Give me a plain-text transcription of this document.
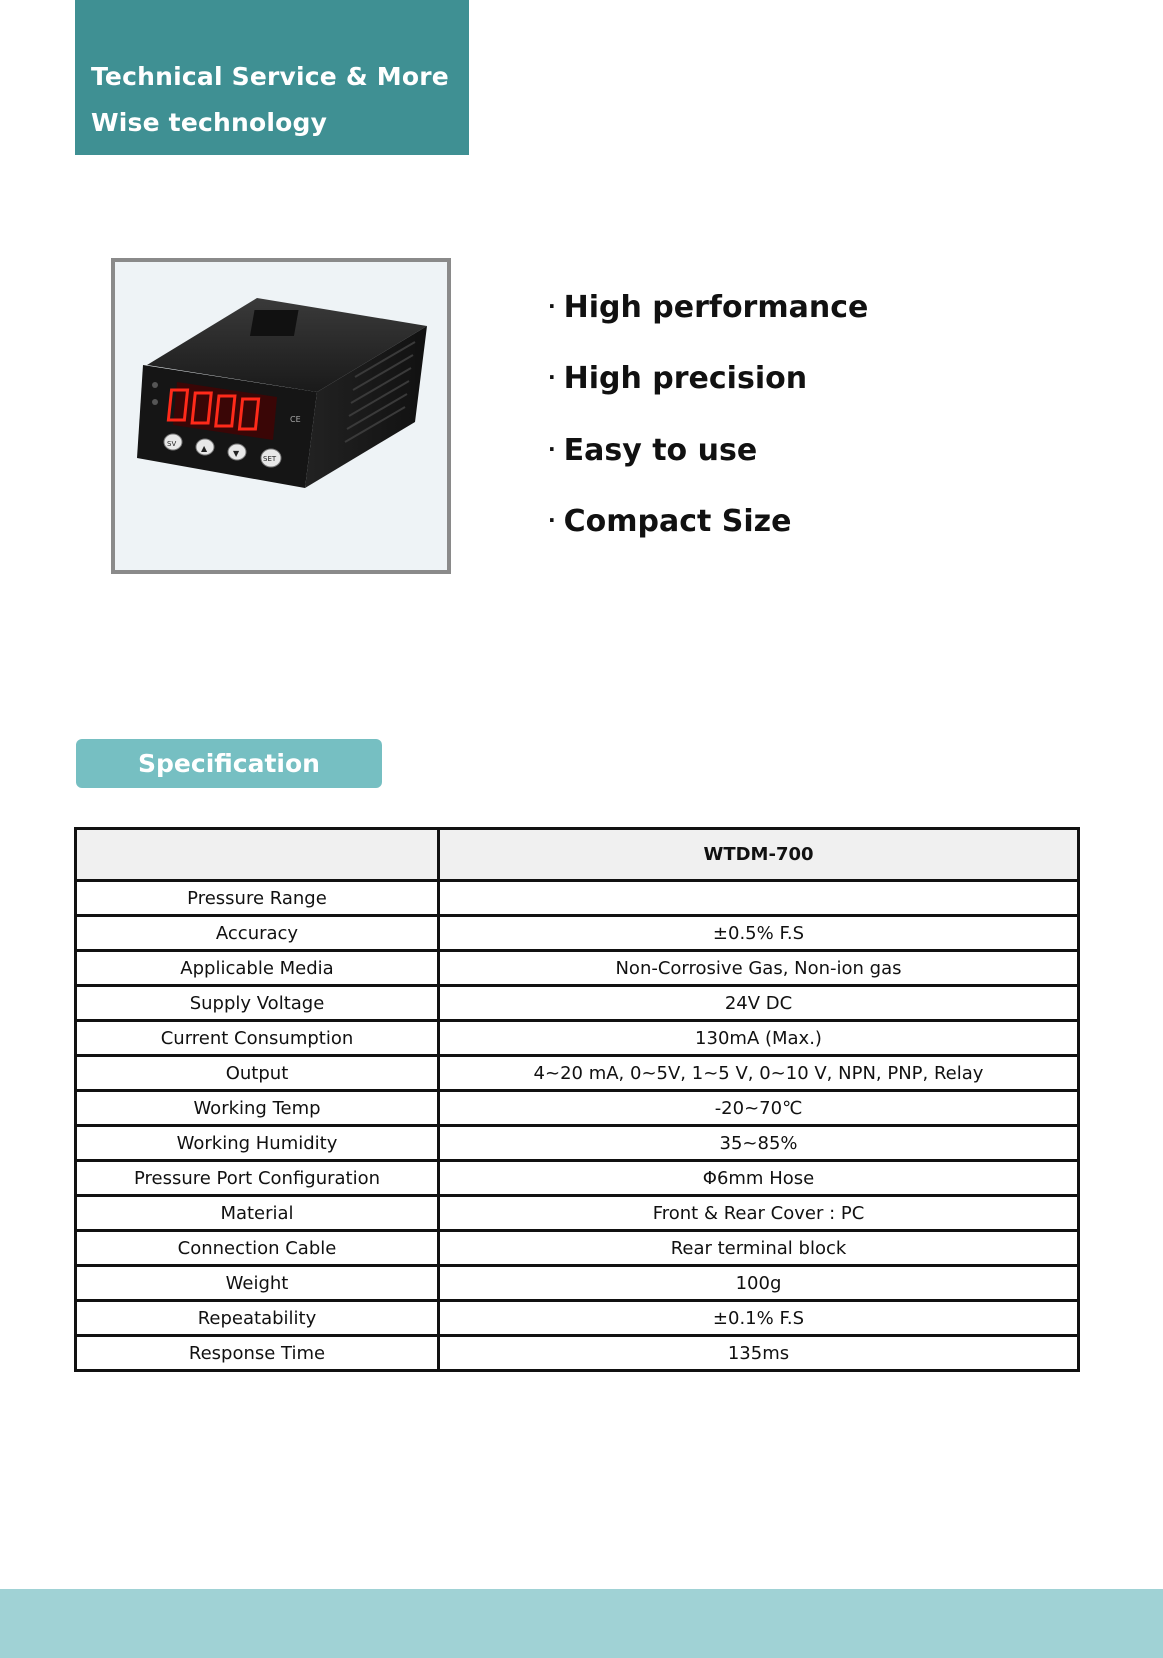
Technical Service & More
Wise technology
SV	▲
▼
SET
CE
· High performance
· High precision
· Easy to use
· Compact Size
Specification
	WTDM-700
Pressure Range	
Accuracy	±0.5% F.S
Applicable Media	Non-Corrosive Gas, Non-ion gas
Supply Voltage	24V DC
Current Consumption	130mA (Max.)
Output	4~20 mA, 0~5V, 1~5 V, 0~10 V, NPN, PNP, Relay
Working Temp	-20~70℃
Working Humidity	35~85%
Pressure Port Configuration	Φ6mm Hose
Material	Front & Rear Cover : PC
Connection Cable	Rear terminal block
Weight	100g
Repeatability	±0.1% F.S
Response Time	135ms
